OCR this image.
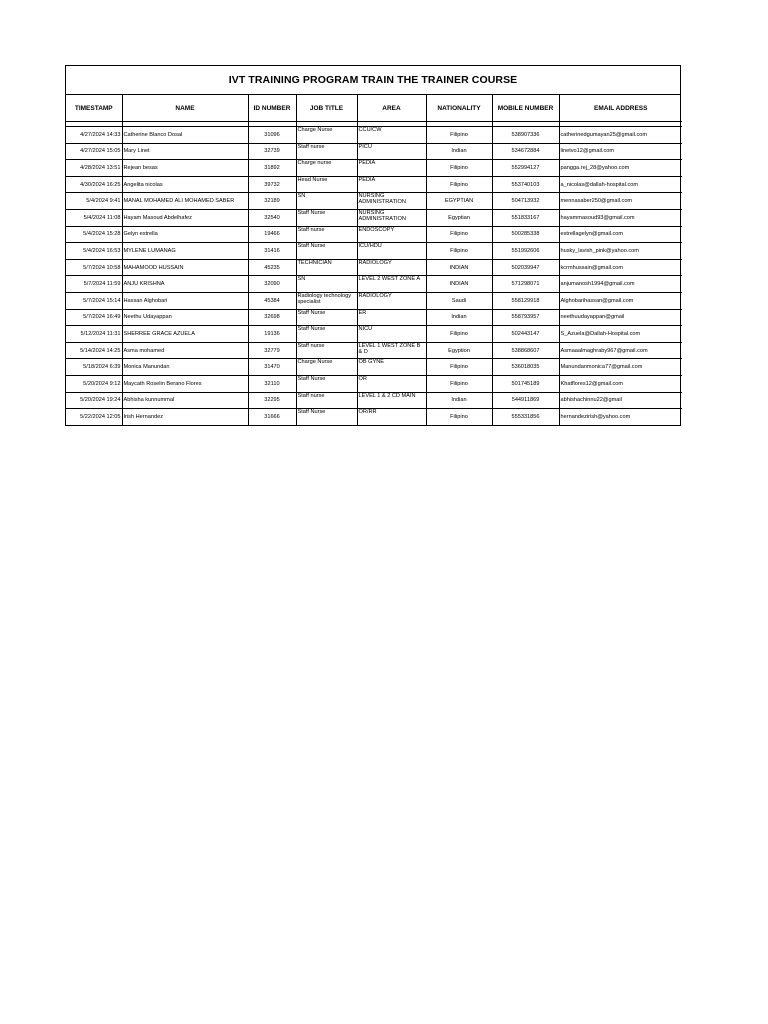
IVT TRAINING PROGRAM TRAIN THE TRAINER COURSE
TIMESTAMP	NAME	ID NUMBER	JOB TITLE	AREA	NATIONALITY	MOBILE NUMBER	EMAIL ADDRESS

4/27/2024 14:33	Catherine Blanco Dosal	31096	Charge Nurse	CCU/CW	Filipino	538907336	catherinedgumayan25@gmail.com
4/27/2024 15:05	Mary Linet	32739	Staff nurse	PICU	Indian	534672884	linetvo12@gmail.com
4/28/2024 13:51	Rejean besas	31892	Charge nurse	PEDIA	Filipino	552994127	pangga.rej_28@yahoo.com
4/30/2024 16:25	Angelita nicolas	39732	Head Nurse	PEDIA	Filipino	553740103	a_nicolas@dallah-hospital.com
5/4/2024 9:41	MANAL MOHAMED ALI MOHAMED SABER	32189	SN	NURSING ADMINISTRATION	EGYPTIAN	504713932	mennasaber250@gmail.com
5/4/2024 11:08	Hayam Masoud Abdelhafez	32540	Staff Nurse	NURSING ADMINISTRATION	Egyptian	551833167	hayammasoud93@gmail.com
5/4/2024 15:28	Gelyn estrella	19466	Staff nurse	ENDOSCOPY	Filipino	500285338	estrellagelyn@gmail.com
5/4/2024 16:53	MYLENE LUMANAG	31416	Staff Nurse	ICU/HDU	Filipino	551992606	husky_lavish_pink@yahoo.com
5/7/2024 10:58	MAHAMOOD HUSSAIN	45235	TECHNICIAN	RADIOLOGY	INDIAN	502039947	kcrmhussain@gmail.com
5/7/2024 11:59	ANJU KRISHNA	32090	SN	LEVEL 2 WEST ZONE A	INDIAN	571298071	anjumanosh1994@gmail.com
5/7/2024 15:14	Hassan Alghobari	45384	Radiology technology specialist	RADIOLOGY	Saudi	558129918	Alghobarihassan@gmail.com
5/7/2024 16:49	Neethu Udayappan	32698	Staff Nurse	ER	Indian	558793957	neethuudayappan@gmail
5/12/2024 11:31	SHERREE GRACE AZUELA	19136	Staff Nurse	NICU	Filipino	502443147	S_Azuela@Dallah-Hospital.com
5/14/2024 14:25	Asma mohamed	32779	Staff nurse	LEVEL 1 WEST ZONE B & D	Egyption	538868607	Asmaaalmaghraby967@gmail.com
5/18/2024 6:39	Monica Manundan	31470	Charge Nurse	OB GYNE	Filipino	536018035	Manundanmonica77@gmail.com
5/20/2024 9:12	Maycath Roselin Berano Flores	32110	Staff Nurse	OR	Filipino	501745189	Khatflores12@gmail.com
5/20/2024 19:24	Abhisha kunnummal	32295	Staff nurse	LEVEL 1 & 2 CD MAIN	Indian	544911869	abhishachinnu22@gmail
5/22/2024 12:05	Irish Hernandez	31666	Staff Nurse	OR/RR	Filipino	555331856	hernandezirish@yahoo.com
